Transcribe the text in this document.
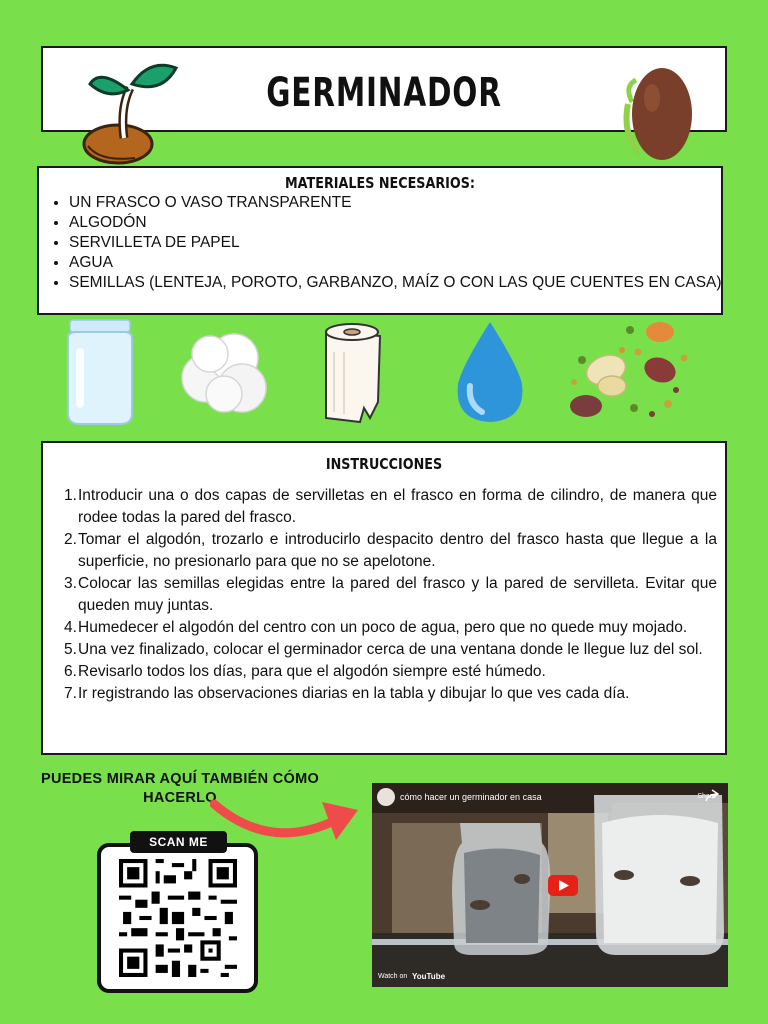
GERMINADOR
MATERIALES NECESARIOS:
• UN FRASCO O VASO TRANSPARENTE
• ALGODÓN
• SERVILLETA DE PAPEL
• AGUA
• SEMILLAS (LENTEJA, POROTO, GARBANZO, MAÍZ O CON LAS QUE CUENTES EN CASA)
INSTRUCCIONES
1. Introducir una o dos capas de servilletas en el frasco en forma de cilindro, de manera que rodee todas la pared del frasco.
2. Tomar el algodón, trozarlo e introducirlo despacito dentro del frasco hasta que llegue a la superficie, no presionarlo para que no se apelotone.
3. Colocar las semillas elegidas entre la pared del frasco y la pared de servilleta. Evitar que queden muy juntas.
4. Humedecer el algodón del centro con un poco de agua, pero que no quede muy mojado.
5. Una vez finalizado, colocar el germinador cerca de una ventana donde le llegue luz del sol.
6. Revisarlo todos los días, para que el algodón siempre esté húmedo.
7. Ir registrando las observaciones diarias en la tabla y dibujar lo que ves cada día.
PUEDES MIRAR AQUÍ TAMBIÉN CÓMO HACERLO
SCAN ME
cómo hacer un germinador en casa	Share
Watch on YouTube
